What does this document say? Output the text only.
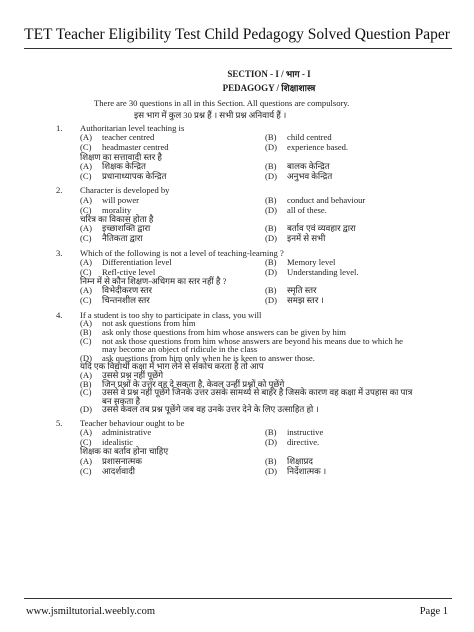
TET Teacher Eligibility Test Child Pedagogy Solved Question Paper
SECTION - I / भाग - I
PEDAGOGY / शिक्षाशास्त्र
There are 30 questions in all in this Section. All questions are compulsory.
इस भाग में कुल 30 प्रश्न हैं । सभी प्रश्न अनिवार्य हैं ।
1.	Authoritarian level teaching is
(A)	teacher centred	(B)	child centred
(C)	headmaster centred	(D)	experience based.
शिक्षण का सत्तावादी स्तर है
(A)	शिक्षक केन्द्रित	(B)	बालक केन्द्रित
(C)	प्रधानाध्यापक केन्द्रित	(D)	अनुभव केन्द्रित
2.	Character is developed by
(A)	will power	(B)	conduct and behaviour
(C)	morality	(D)	all of these.
चरित्र का विकास होता है
(A)	इच्छाशक्ति द्वारा	(B)	बर्ताव एवं व्यवहार द्वारा
(C)	नैतिकता द्वारा	(D)	इनमें से सभी
3.	Which of the following is not a level of teaching-learning ?
(A)	Differentiation level	(B)	Memory level
(C)	Refl-ctive level	(D)	Understanding level.
निम्न में से कौन शिक्षण-अधिगम का स्तर नहीं है ?
(A)	विभेदीकरण स्तर	(B)	स्मृति स्तर
(C)	चिन्तनशील स्तर	(D)	समझ स्तर ।
4.	If a student is too shy to participate in class, you will
(A)	not ask questions from him
(B)	ask only those questions from him whose answers can be given by him
(C)	not ask those questions from him whose answers are beyond his means due to which he
may become an object of ridicule in the class
(D)	ask questions from him only when he is keen to answer those.
यदि एक विद्यार्थी कक्षा में भाग लेने से संकोच करता है तो आप
(A)	उससे प्रश्न नहीं पूछेंगे
(B)	जिन प्रश्नों के उत्तर वह दे सकता है, केवल उन्हीं प्रश्नों को पूछेंगे
(C)	उससे वे प्रश्न नहीं पूछेंगे जिनके उत्तर उसके सामर्थ्य से बाहर है जिसके कारण वह कक्षा में उपहास का पात्र
बन सकता है
(D)	उससे केवल तब प्रश्न पूछेंगे जब वह उनके उत्तर देने के लिए उत्साहित हो ।
5.	Teacher behaviour ought to be
(A)	administrative	(B)	instructive
(C)	idealistic	(D)	directive.
शिक्षक का बर्ताव होना चाहिए
(A)	प्रशासनात्मक	(B)	शिक्षाप्रद
(C)	आदर्शवादी	(D)	निर्देशात्मक ।
www.jsmiltutorial.weebly.com	Page 1
